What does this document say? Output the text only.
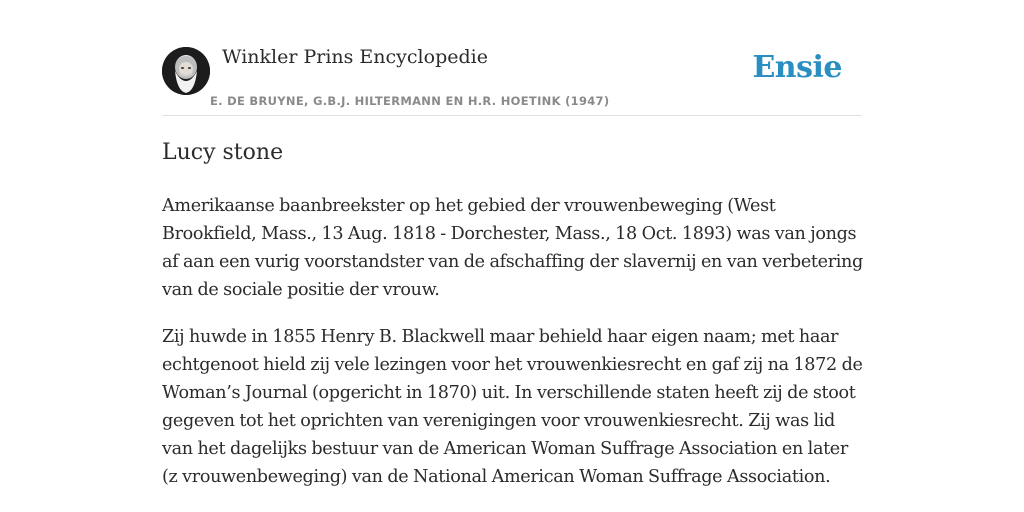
Winkler Prins Encyclopedie
E. DE BRUYNE, G.B.J. HILTERMANN EN H.R. HOETINK (1947)
Ensie
Lucy stone

Amerikaanse baanbreekster op het gebied der vrouwenbeweging (West Brookfield, Mass., 13 Aug. 1818 - Dorchester, Mass., 18 Oct. 1893) was van jongs af aan een vurig voorstandster van de afschaffing der slavernij en van verbetering van de sociale positie der vrouw.

Zij huwde in 1855 Henry B. Blackwell maar behield haar eigen naam; met haar echtgenoot hield zij vele lezingen voor het vrouwenkiesrecht en gaf zij na 1872 de Woman’s Journal (opgericht in 1870) uit. In verschillende staten heeft zij de stoot gegeven tot het oprichten van verenigingen voor vrouwenkiesrecht. Zij was lid van het dagelijks bestuur van de American Woman Suffrage Association en later (z vrouwenbeweging) van de National American Woman Suffrage Association.
